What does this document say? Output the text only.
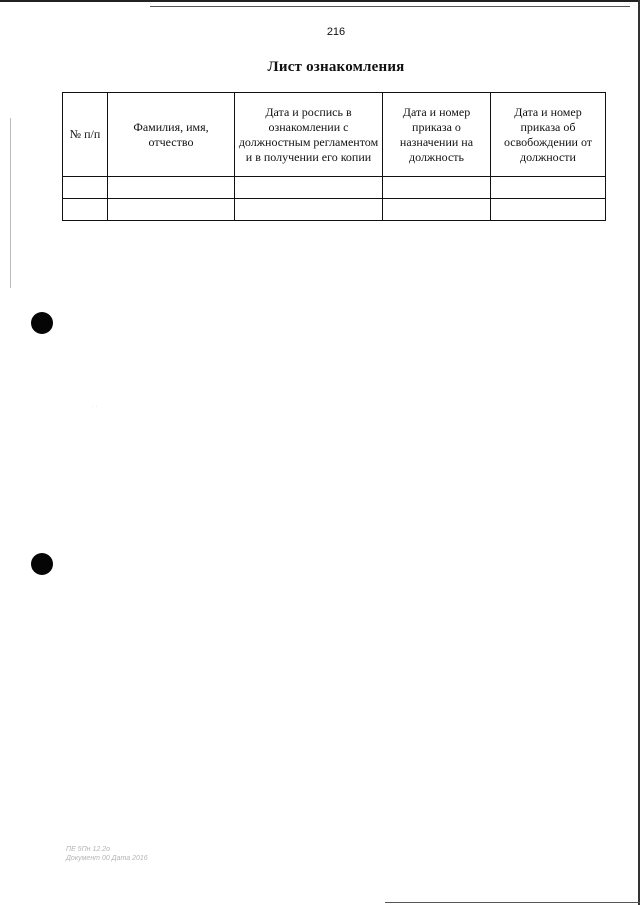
216
Лист ознакомления
№ п/п	Фамилия, имя, отчество	Дата и роспись в ознакомлении с должностным регламентом и в получении его копии	Дата и номер приказа о назначении на должность	Дата и номер приказа об освобождении от должности

· ·
ПЕ 5Пн 12.2о
Документ 00 Дата 2016
